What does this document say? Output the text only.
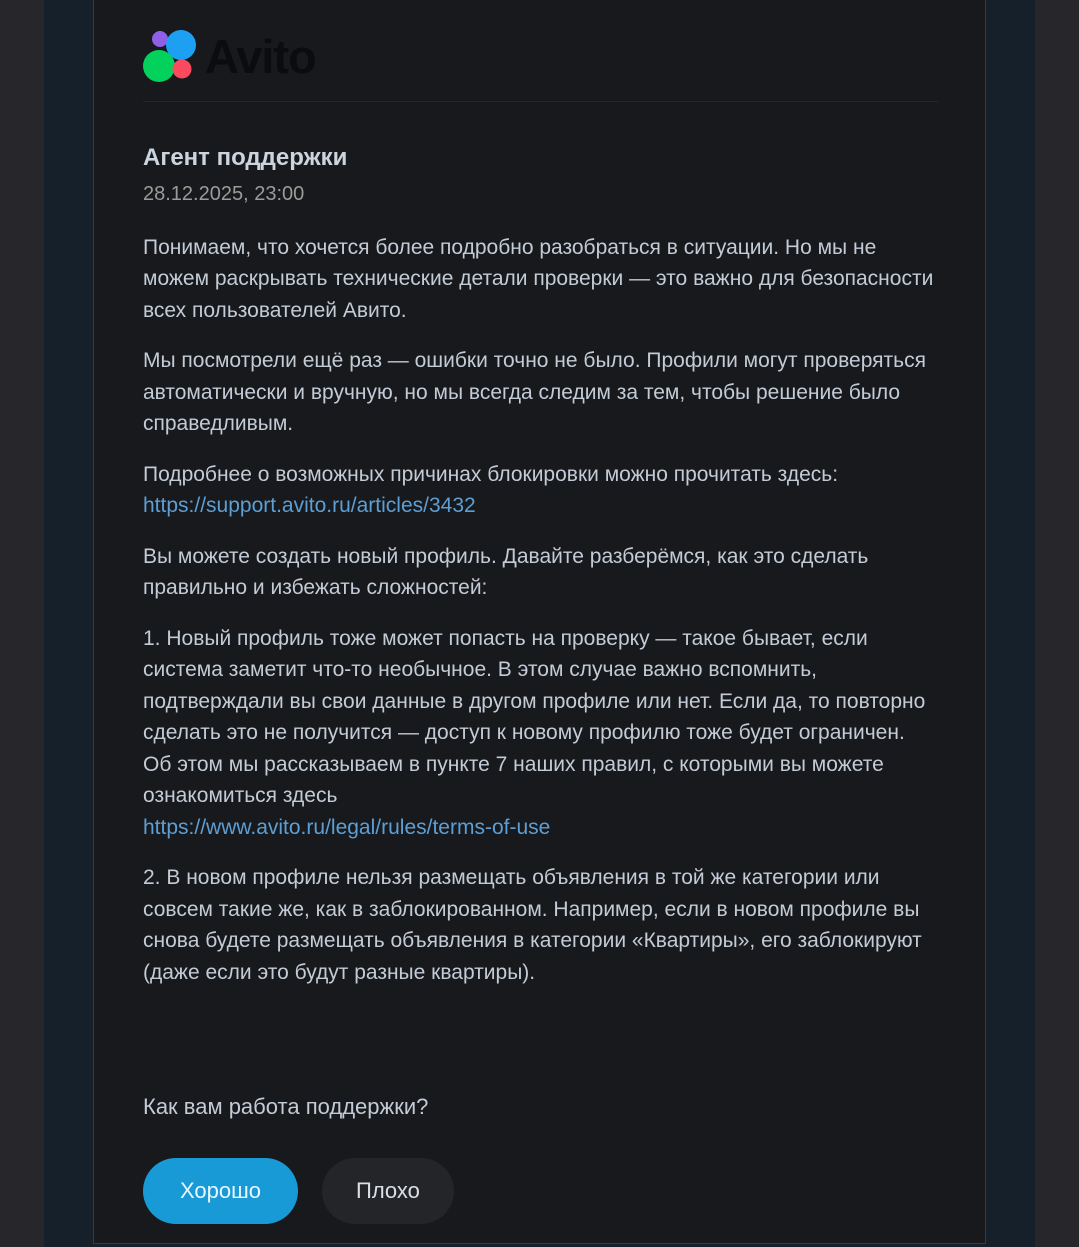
Avito
Агент поддержки
28.12.2025, 23:00

Понимаем, что хочется более подробно разобраться в ситуации. Но мы не можем раскрывать технические детали проверки — это важно для безопасности всех пользователей Авито.

Мы посмотрели ещё раз — ошибки точно не было. Профили могут проверяться автоматически и вручную, но мы всегда следим за тем, чтобы решение было справедливым.

Подробнее о возможных причинах блокировки можно прочитать здесь:
https://support.avito.ru/articles/3432

Вы можете создать новый профиль. Давайте разберёмся, как это сделать правильно и избежать сложностей:

1. Новый профиль тоже может попасть на проверку — такое бывает, если система заметит что-то необычное. В этом случае важно вспомнить, подтверждали вы свои данные в другом профиле или нет. Если да, то повторно сделать это не получится — доступ к новому профилю тоже будет ограничен. Об этом мы рассказываем в пункте 7 наших правил, с которыми вы можете ознакомиться здесь
https://www.avito.ru/legal/rules/terms-of-use

2. В новом профиле нельзя размещать объявления в той же категории или совсем такие же, как в заблокированном. Например, если в новом профиле вы снова будете размещать объявления в категории «Квартиры», его заблокируют (даже если это будут разные квартиры).

Как вам работа поддержки?

Хорошо	Плохо
